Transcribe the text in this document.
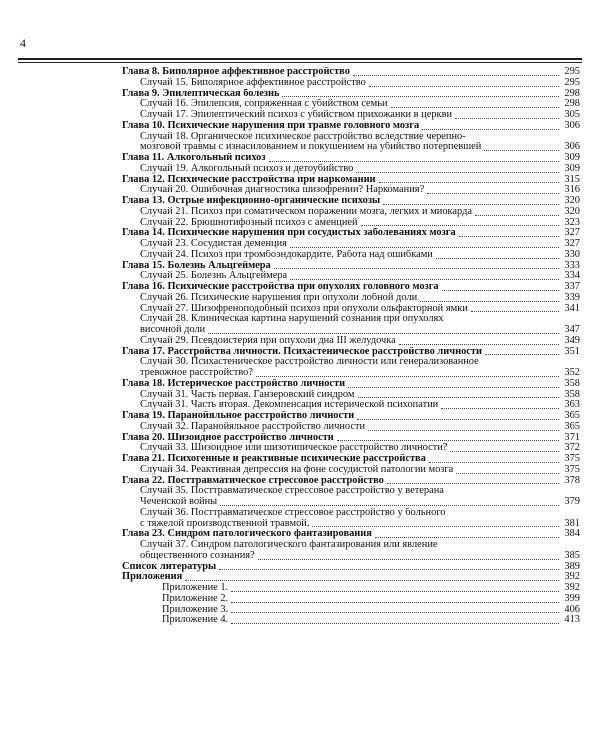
4
Глава 8. Биполярное аффективное расстройство	295
Случай 15. Биполярное аффективное расстройство	295
Глава 9. Эпилептическая болезнь	298
Случай 16. Эпилепсия, сопряженная с убийством семьи	298
Случай 17. Эпилептический психоз с убийством прихожанки в церкви	305
Глава 10. Психические нарушения при травме головного мозга	306
Случай 18. Органическое психическое расстройство вследствие черепно-
мозговой травмы с изнасилованием и покушением на убийство потерпевшей	306
Глава 11. Алкогольный психоз	309
Случай 19. Алкогольный психоз и детоубийство	309
Глава 12. Психические расстройства при наркомании	315
Случай 20. Ошибочная диагностика шизофрении? Наркомания?	316
Глава 13. Острые инфекционно-органические психозы	320
Случай 21. Психоз при соматическом поражении мозга, легких и миокарда	320
Случай 22. Брюшнотифозный психоз с аменцией	323
Глава 14. Психические нарушения при сосудистых заболеваниях мозга	327
Случай 23. Сосудистая деменция	327
Случай 24. Психоз при тромбоэндокардите. Работа над ошибками	330
Глава 15. Болезнь Альцгеймера	333
Случай 25. Болезнь Альцгеймера	334
Глава 16. Психические расстройства при опухолях головного мозга	337
Случай 26. Психические нарушения при опухоли лобной доли	339
Случай 27. Шизофреноподобный психоз при опухоли ольфакторной ямки	341
Случай 28. Клиническая картина нарушений сознания при опухолях
височной доли	347
Случай 29. Псевдоистерия при опухоли дна III желудочка	349
Глава 17. Расстройства личности. Психастеническое расстройство личности	351
Случай 30. Психастеническое расстройство личности или генерализованное
тревожное расстройство?	352
Глава 18. Истерическое расстройство личности	358
Случай 31. Часть первая. Ганзеровский синдром	358
Случай 31. Часть вторая. Декомпенсация истерической психопатии	363
Глава 19. Паранойяльное расстройство личности	365
Случай 32. Паранойяльное расстройство личности	365
Глава 20. Шизоидное расстройство личности	371
Случай 33. Шизоидное или шизотипическое расстройство личности?	372
Глава 21. Психогенные и реактивные психические расстройства	375
Случай 34. Реактивная депрессия на фоне сосудистой патологии мозга	375
Глава 22. Посттравматическое стрессовое расстройство	378
Случай 35. Посттравматическое стрессовое расстройство у ветерана
Чеченской войны	379
Случай 36. Посттравматическое стрессовое расстройство у больного
с тяжелой производственной травмой.	381
Глава 23. Синдром патологического фантазирования	384
Случай 37. Синдром патологического фантазирования или явление
общественного сознания?	385
Список литературы	389
Приложения	392
Приложение 1.	392
Приложение 2.	399
Приложение 3.	406
Приложение 4.	413
